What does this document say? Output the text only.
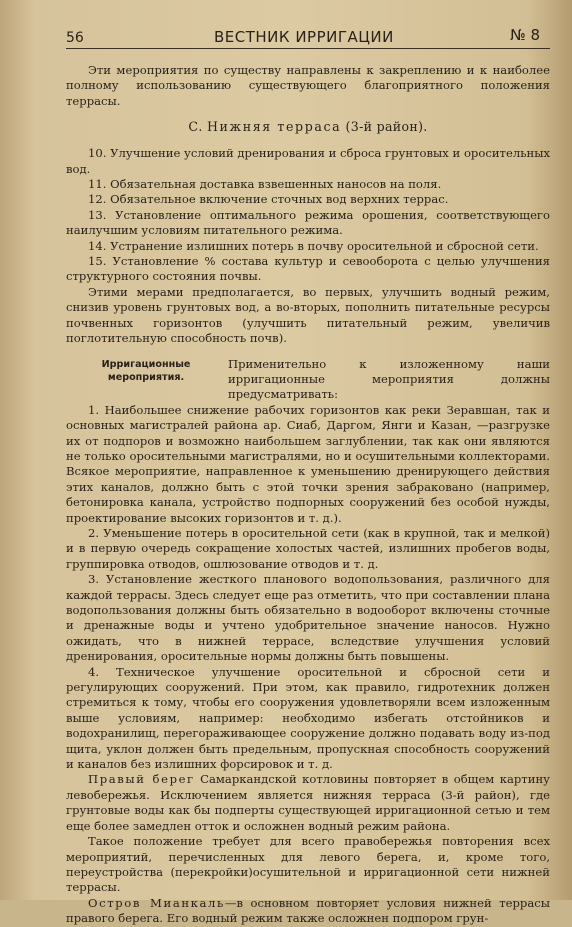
56	ВЕСТНИК ИРРИГАЦИИ	№ 8

Эти мероприятия по существу направлены к закреплению и к наиболее полному использованию существующего благоприятного положения террасы.

С. Нижняя терраса (3-й район).

10. Улучшение условий дренирования и сброса грунтовых и оросительных вод.

11. Обязательная доставка взвешенных наносов на поля.

12. Обязательное включение сточных вод верхних террас.

13. Установление оптимального режима орошения, соответствующего наилучшим условиям питательного режима.

14. Устранение излишних потерь в почву оросительной и сбросной сети.

15. Установление % состава культур и севооборота с целью улучшения структурного состояния почвы.

Этими мерами предполагается, во первых, улучшить водный режим, снизив уровень грунтовых вод, а во-вторых, пополнить питательные ресурсы почвенных горизонтов (улучшить питательный режим, увеличив поглотительную способность почв).

Ирригационные мероприятия.
Применительно к изложенному наши ирригационные мероприятия должны предусматривать:

1. Наибольшее снижение рабочих горизонтов как реки Зеравшан, так и основных магистралей района ар. Сиаб, Даргом, Янги и Казан, —разгрузке их от подпоров и возможно наибольшем заглублении, так как они являются не только оросительными магистралями, но и осушительными коллекторами. Всякое мероприятие, направленное к уменьшению дренирующего действия этих каналов, должно быть с этой точки зрения забраковано (например, бетонировка канала, устройство подпорных сооружений без особой нужды, проектирование высоких горизонтов и т. д.).

2. Уменьшение потерь в оросительной сети (как в крупной, так и мелкой) и в первую очередь сокращение холостых частей, излишних пробегов воды, группировка отводов, ошлюзование отводов и т. д.

3. Установление жесткого планового водопользования, различного для каждой террасы. Здесь следует еще раз отметить, что при составлении плана водопользования должны быть обязательно в водооборот включены сточные и дренажные воды и учтено удобрительное значение наносов. Нужно ожидать, что в нижней террасе, вследствие улучшения условий дренирования, оросительные нормы должны быть повышены.

4. Техническое улучшение оросительной и сбросной сети и регулирующих сооружений. При этом, как правило, гидротехник должен стремиться к тому, чтобы его сооружения удовлетворяли всем изложенным выше условиям, например: необходимо избегать отстойников и водохранилищ, перегораживающее сооружение должно подавать воду из-под щита, уклон должен быть предельным, пропускная способность сооружений и каналов без излишних форсировок и т. д.

Правый берег Самаркандской котловины повторяет в общем картину левобережья. Исключением является нижняя терраса (3-й район), где грунтовые воды как бы подперты существующей ирригационной сетью и тем еще более замедлен отток и осложнен водный режим района.

Такое положение требует для всего правобережья повторения всех мероприятий, перечисленных для левого берега, и, кроме того, переустройства (перекройки)осушительной и ирригационной сети нижней террасы.

Остров Мианкаль—в основном повторяет условия нижней террасы правого берега. Его водный режим также осложнен подпором грун-
